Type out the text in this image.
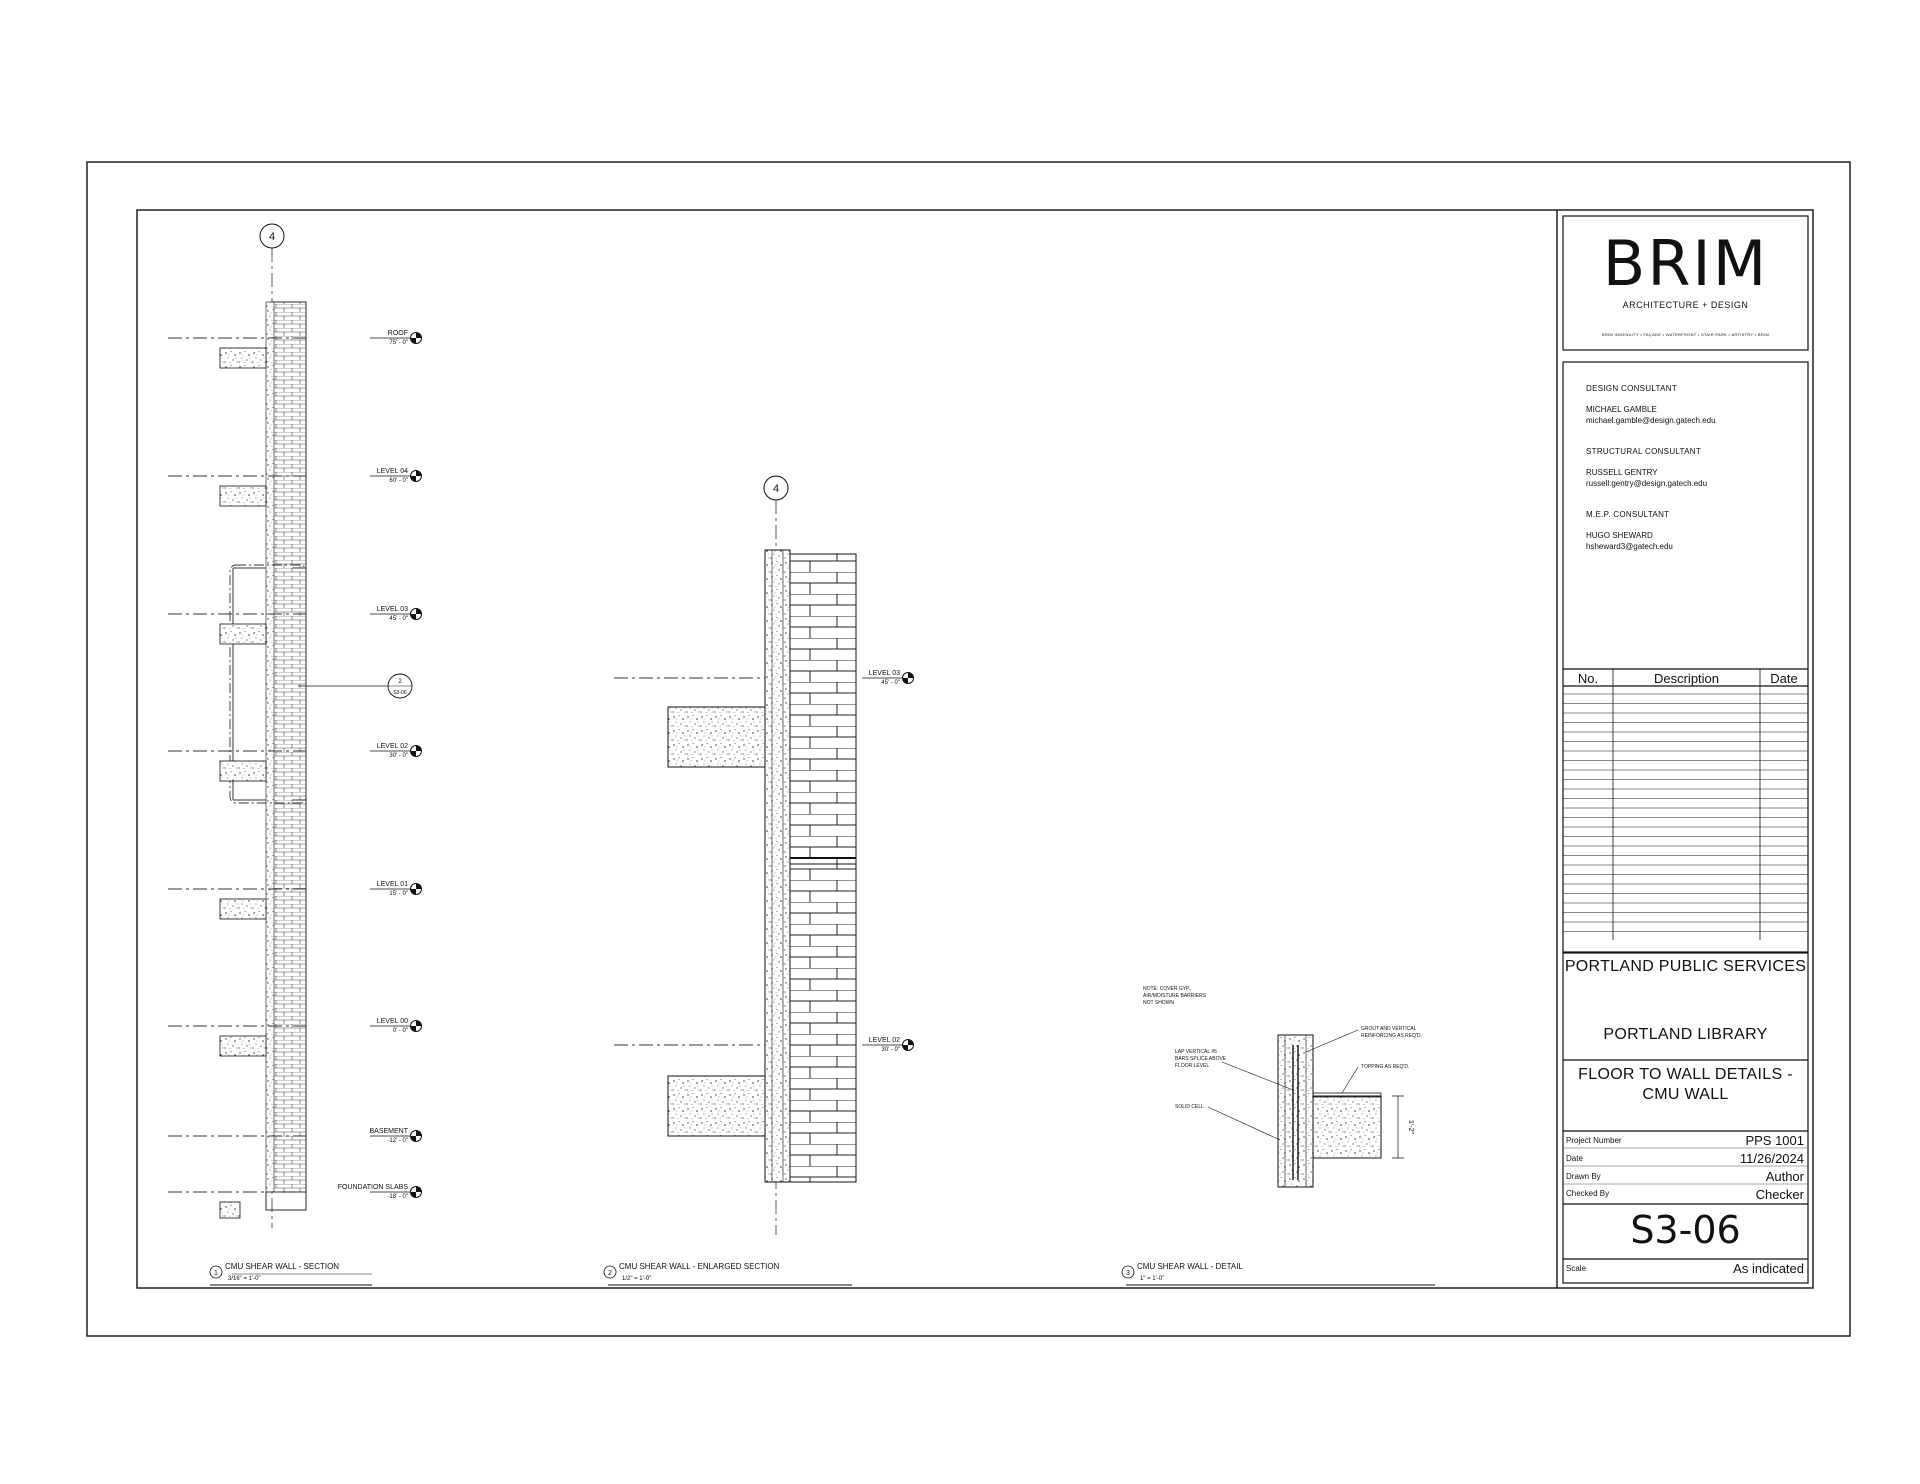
4
2
S3-06
ROOF
75' - 0"
LEVEL 04
60' - 0"
LEVEL 03
45' - 0"
LEVEL 02
30' - 0"
LEVEL 01
15' - 0"
LEVEL 00
0' - 0"
BASEMENT
-12' - 0"
FOUNDATION SLABS
-18' - 0"
4
LEVEL 03
45' - 0"
LEVEL 02
30' - 0"
1'-2"
NOTE: COVER GYP.,
AIR/MOISTURE BARRIERS
NOT SHOWN
GROUT AND VERTICAL
REINFORCING AS REQ'D.
LAP VERTICAL #5
BARS SPLICE ABOVE
FLOOR LEVEL	TOPPING AS REQ'D.
SOLID CELL
1
CMU SHEAR WALL - SECTION
3/16" = 1'-0"
2
CMU SHEAR WALL - ENLARGED SECTION
1/2" = 1'-0"
3
CMU SHEAR WALL - DETAIL
1" = 1'-0"
BRIM
ARCHITECTURE + DESIGN
BRIM INGENUITY • FAÇADE • WATERFRONT • STAIR PARK • ARTISTRY • BRIM
DESIGN CONSULTANT
MICHAEL GAMBLE
michael.gamble@design.gatech.edu
STRUCTURAL CONSULTANT
RUSSELL GENTRY
russell.gentry@design.gatech.edu
M.E.P. CONSULTANT
HUGO SHEWARD
hsheward3@gatech.edu
No.	Description	Date
PORTLAND PUBLIC SERVICES
PORTLAND LIBRARY
FLOOR TO WALL DETAILS -
CMU WALL
Project Number	PPS 1001
Date	11/26/2024
Drawn By	Author
Checked By	Checker
S3-06
Scale	As indicated
